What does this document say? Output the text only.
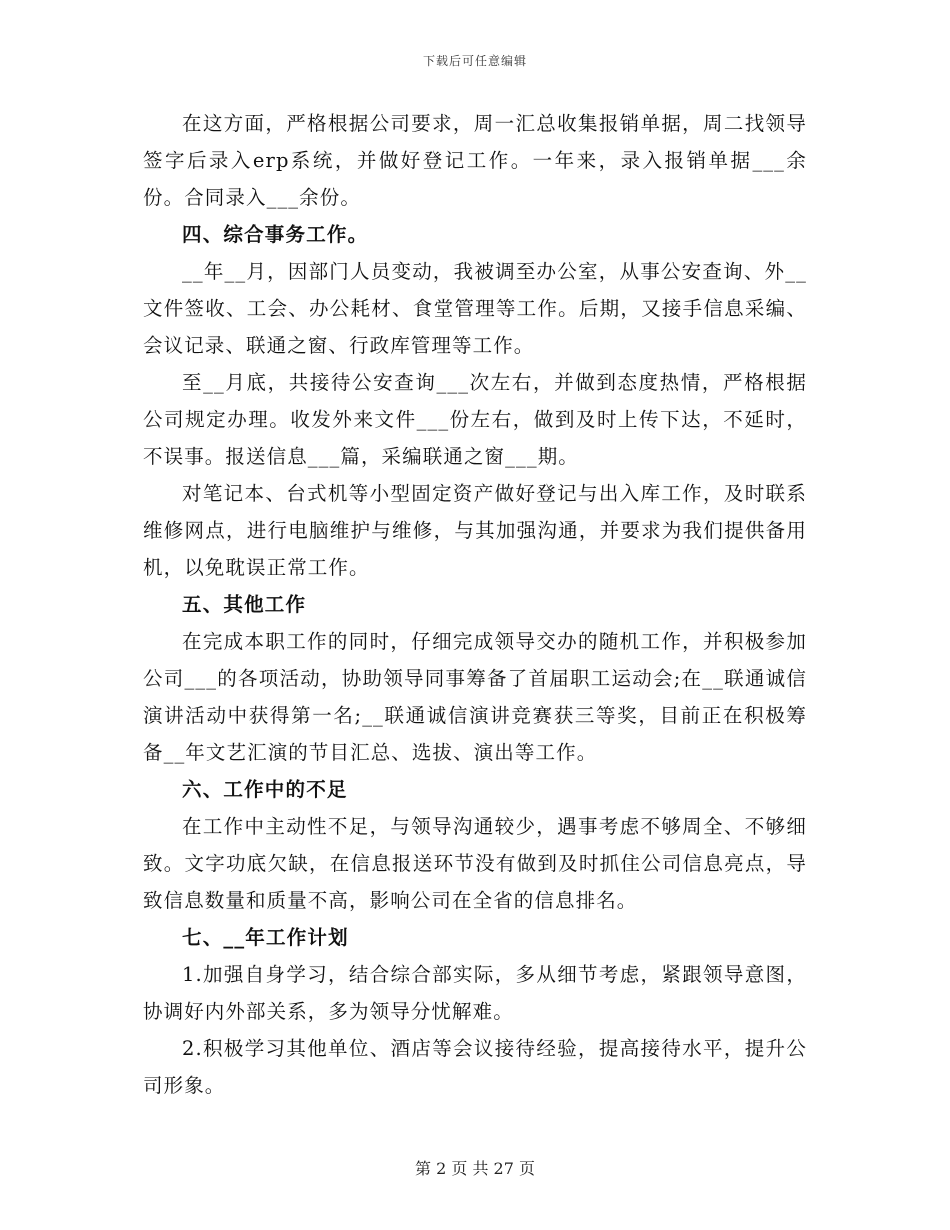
下载后可任意编辑

在这方面，严格根据公司要求，周一汇总收集报销单据，周二找领导签字后录入erp系统，并做好登记工作。一年来，录入报销单据___余份。合同录入___余份。

四、综合事务工作。

__年__月，因部门人员变动，我被调至办公室，从事公安查询、外__文件签收、工会、办公耗材、食堂管理等工作。后期，又接手信息采编、会议记录、联通之窗、行政库管理等工作。

至__月底，共接待公安查询___次左右，并做到态度热情，严格根据公司规定办理。收发外来文件___份左右，做到及时上传下达，不延时，不误事。报送信息___篇，采编联通之窗___期。

对笔记本、台式机等小型固定资产做好登记与出入库工作，及时联系维修网点，进行电脑维护与维修，与其加强沟通，并要求为我们提供备用机，以免耽误正常工作。

五、其他工作

在完成本职工作的同时，仔细完成领导交办的随机工作，并积极参加公司___的各项活动，协助领导同事筹备了首届职工运动会;在__联通诚信演讲活动中获得第一名;__联通诚信演讲竞赛获三等奖，目前正在积极筹备__年文艺汇演的节目汇总、选拔、演出等工作。

六、工作中的不足

在工作中主动性不足，与领导沟通较少，遇事考虑不够周全、不够细致。文字功底欠缺，在信息报送环节没有做到及时抓住公司信息亮点，导致信息数量和质量不高，影响公司在全省的信息排名。

七、__年工作计划

1.加强自身学习，结合综合部实际，多从细节考虑，紧跟领导意图，协调好内外部关系，多为领导分忧解难。

2.积极学习其他单位、酒店等会议接待经验，提高接待水平，提升公司形象。

第 2 页 共 27 页
